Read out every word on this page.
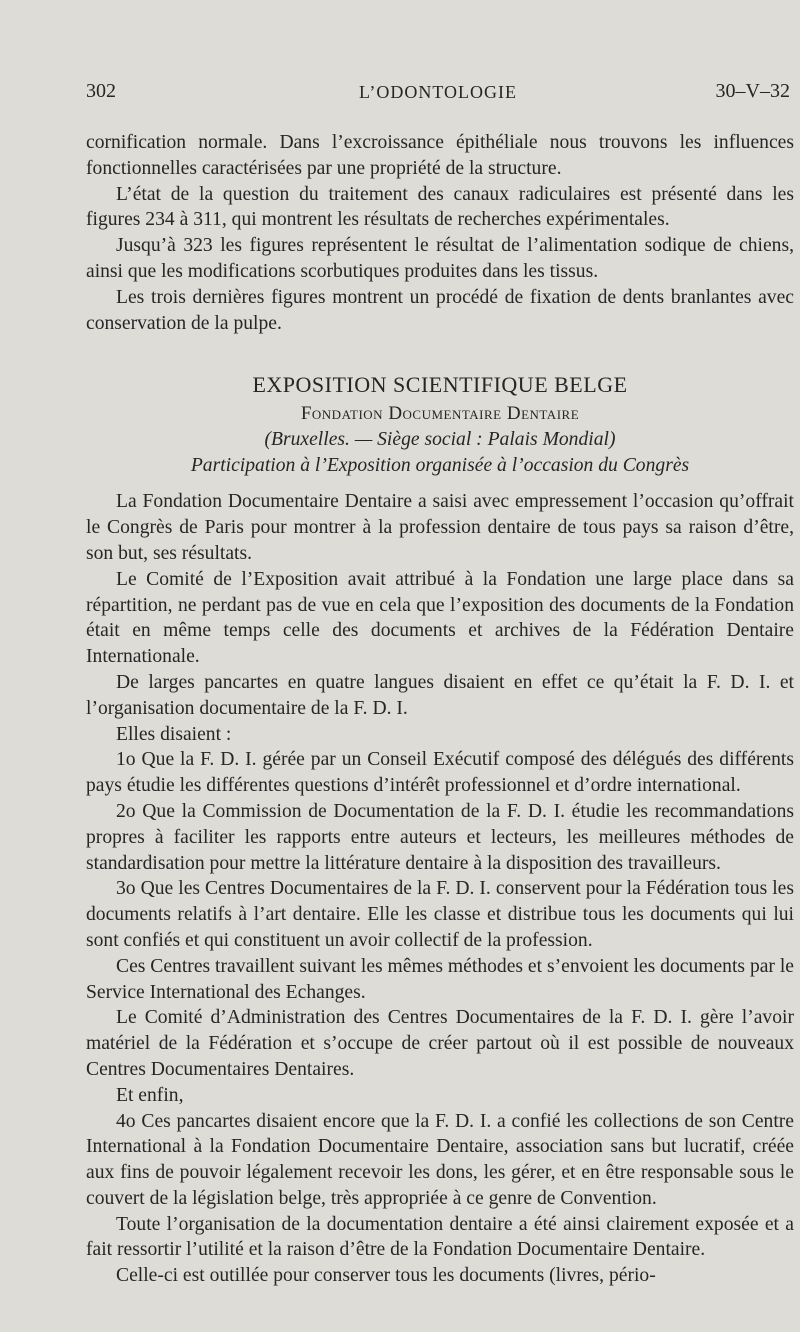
302	L’ODONTOLOGIE	30–V–32

cornification normale. Dans l’excroissance épithéliale nous trouvons les influences fonctionnelles caractérisées par une propriété de la structure.

L’état de la question du traitement des canaux radiculaires est présenté dans les figures 234 à 311, qui montrent les résultats de recherches expérimentales.

Jusqu’à 323 les figures représentent le résultat de l’alimentation sodique de chiens, ainsi que les modifications scorbutiques produites dans les tissus.

Les trois dernières figures montrent un procédé de fixation de dents branlantes avec conservation de la pulpe.

EXPOSITION SCIENTIFIQUE BELGE
Fondation Documentaire Dentaire
(Bruxelles. — Siège social : Palais Mondial)
Participation à l’Exposition organisée à l’occasion du Congrès

La Fondation Documentaire Dentaire a saisi avec empressement l’occasion qu’offrait le Congrès de Paris pour montrer à la profession dentaire de tous pays sa raison d’être, son but, ses résultats.

Le Comité de l’Exposition avait attribué à la Fondation une large place dans sa répartition, ne perdant pas de vue en cela que l’exposition des documents de la Fondation était en même temps celle des documents et archives de la Fédération Dentaire Internationale.

De larges pancartes en quatre langues disaient en effet ce qu’était la F. D. I. et l’organisation documentaire de la F. D. I.

Elles disaient :

1o Que la F. D. I. gérée par un Conseil Exécutif composé des délégués des différents pays étudie les différentes questions d’intérêt professionnel et d’ordre international.

2o Que la Commission de Documentation de la F. D. I. étudie les recommandations propres à faciliter les rapports entre auteurs et lecteurs, les meilleures méthodes de standardisation pour mettre la littérature dentaire à la disposition des travailleurs.

3o Que les Centres Documentaires de la F. D. I. conservent pour la Fédération tous les documents relatifs à l’art dentaire. Elle les classe et distribue tous les documents qui lui sont confiés et qui constituent un avoir collectif de la profession.

Ces Centres travaillent suivant les mêmes méthodes et s’envoient les documents par le Service International des Echanges.

Le Comité d’Administration des Centres Documentaires de la F. D. I. gère l’avoir matériel de la Fédération et s’occupe de créer partout où il est possible de nouveaux Centres Documentaires Dentaires.

Et enfin,

4o Ces pancartes disaient encore que la F. D. I. a confié les collections de son Centre International à la Fondation Documentaire Dentaire, association sans but lucratif, créée aux fins de pouvoir légalement recevoir les dons, les gérer, et en être responsable sous le couvert de la législation belge, très appropriée à ce genre de Convention.

Toute l’organisation de la documentation dentaire a été ainsi clairement exposée et a fait ressortir l’utilité et la raison d’être de la Fondation Documentaire Dentaire.

Celle-ci est outillée pour conserver tous les documents (livres, pério-
